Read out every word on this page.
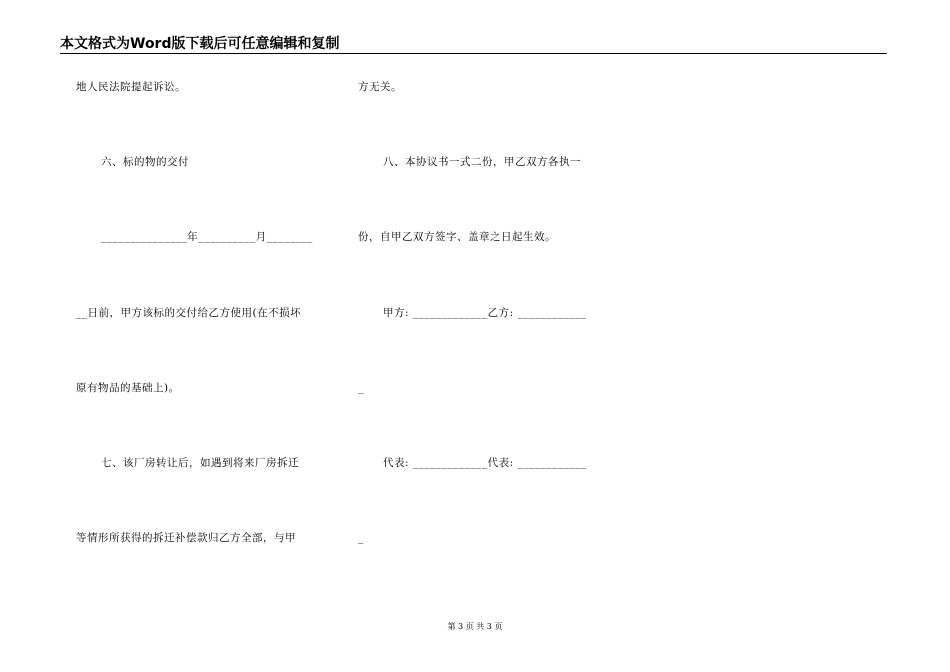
本文格式为Word版下载后可任意编辑和复制
地人民法院提起诉讼。
六、标的物的交付
_______________年__________月________
__日前，甲方该标的交付给乙方使用(在不损坏
原有物品的基础上)。
七、该厂房转让后，如遇到将来厂房拆迁
等情形所获得的拆迁补偿款归乙方全部，与甲
方无关。
八、本协议书一式二份，甲乙双方各执一
份，自甲乙双方签字、盖章之日起生效。
甲方: _____________乙方: ____________
_
代表: _____________代表: ____________
_
第 3 页 共 3 页
